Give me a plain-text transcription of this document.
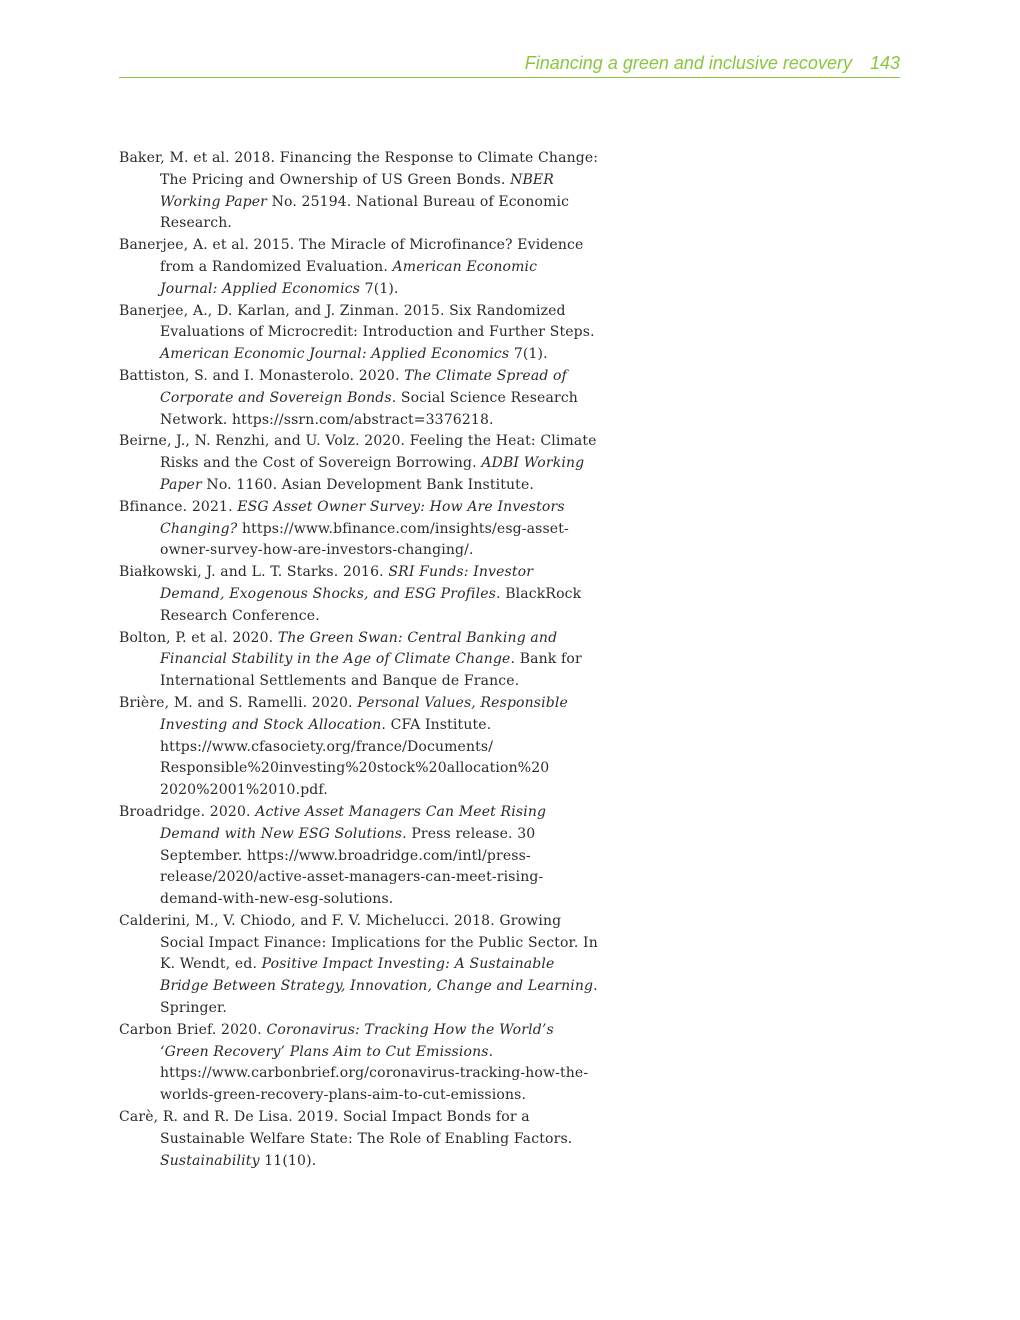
Financing a green and inclusive recovery 143
Baker, M. et al. 2018. Financing the Response to Climate Change: The Pricing and Ownership of US Green Bonds. NBER Working Paper No. 25194. National Bureau of Economic Research.
Banerjee, A. et al. 2015. The Miracle of Microfinance? Evidence from a Randomized Evaluation. American Economic Journal: Applied Economics 7(1).
Banerjee, A., D. Karlan, and J. Zinman. 2015. Six Randomized Evaluations of Microcredit: Introduction and Further Steps. American Economic Journal: Applied Economics 7(1).
Battiston, S. and I. Monasterolo. 2020. The Climate Spread of Corporate and Sovereign Bonds. Social Science Research Network. https://ssrn.com/abstract=3376218.
Beirne, J., N. Renzhi, and U. Volz. 2020. Feeling the Heat: Climate Risks and the Cost of Sovereign Borrowing. ADBI Working Paper No. 1160. Asian Development Bank Institute.
Bfinance. 2021. ESG Asset Owner Survey: How Are Investors Changing? https://www.bfinance.com/insights/esg-asset-owner-survey-how-are-investors-changing/.
Białkowski, J. and L. T. Starks. 2016. SRI Funds: Investor Demand, Exogenous Shocks, and ESG Profiles. BlackRock Research Conference.
Bolton, P. et al. 2020. The Green Swan: Central Banking and Financial Stability in the Age of Climate Change. Bank for International Settlements and Banque de France.
Brière, M. and S. Ramelli. 2020. Personal Values, Responsible Investing and Stock Allocation. CFA Institute. https://www.cfasociety.org/france/Documents/ Responsible%20investing%20stock%20allocation%20 2020%2001%2010.pdf.
Broadridge. 2020. Active Asset Managers Can Meet Rising Demand with New ESG Solutions. Press release. 30 September. https://www.broadridge.com/intl/press-release/2020/active-asset-managers-can-meet-rising-demand-with-new-esg-solutions.
Calderini, M., V. Chiodo, and F. V. Michelucci. 2018. Growing Social Impact Finance: Implications for the Public Sector. In K. Wendt, ed. Positive Impact Investing: A Sustainable Bridge Between Strategy, Innovation, Change and Learning. Springer.
Carbon Brief. 2020. Coronavirus: Tracking How the World’s ‘Green Recovery’ Plans Aim to Cut Emissions. https://www.carbonbrief.org/coronavirus-tracking-how-the-worlds-green-recovery-plans-aim-to-cut-emissions.
Carè, R. and R. De Lisa. 2019. Social Impact Bonds for a Sustainable Welfare State: The Role of Enabling Factors. Sustainability 11(10).
